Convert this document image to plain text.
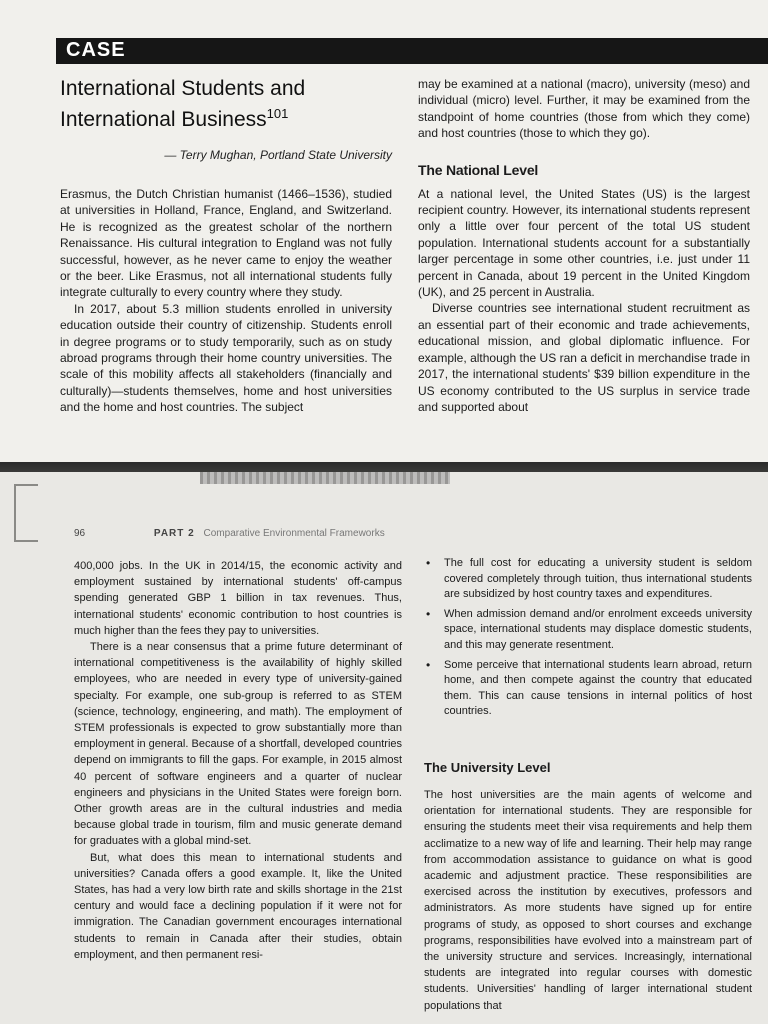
CASE
International Students and International Business$^{101}$

— Terry Mughan, Portland State University

Erasmus, the Dutch Christian humanist (1466–1536), studied at universities in Holland, France, England, and Switzerland. He is recognized as the greatest scholar of the northern Renaissance. His cultural integration to England was not fully successful, however, as he never came to enjoy the weather or the beer. Like Erasmus, not all international students fully integrate culturally to every country where they study.

In 2017, about 5.3 million students enrolled in university education outside their country of citizenship. Students enroll in degree programs or to study temporarily, such as on study abroad programs through their home country universities. The scale of this mobility affects all stakeholders (financially and culturally)—students themselves, home and host universities and the home and host countries. The subject

may be examined at a national (macro), university (meso) and individual (micro) level. Further, it may be examined from the standpoint of home countries (those from which they come) and host countries (those to which they go).

The National Level

At a national level, the United States (US) is the largest recipient country. However, its international students represent only a little over four percent of the total US student population. International students account for a substantially larger percentage in some other countries, i.e. just under 11 percent in Canada, about 19 percent in the United Kingdom (UK), and 25 percent in Australia.

Diverse countries see international student recruitment as an essential part of their economic and trade achievements, educational mission, and global diplomatic influence. For example, although the US ran a deficit in merchandise trade in 2017, the international students' $39 billion expenditure in the US economy contributed to the US surplus in service trade and supported about

96	PART 2 Comparative Environmental Frameworks

400,000 jobs. In the UK in 2014/15, the economic activity and employment sustained by international students' off-campus spending generated GBP 1 billion in tax revenues. Thus, international students' economic contribution to host countries is much higher than the fees they pay to universities.

There is a near consensus that a prime future determinant of international competitiveness is the availability of highly skilled employees, who are needed in every type of university-gained specialty. For example, one sub-group is referred to as STEM (science, technology, engineering, and math). The employment of STEM professionals is expected to grow substantially more than employment in general. Because of a shortfall, developed countries depend on immigrants to fill the gaps. For example, in 2015 almost 40 percent of software engineers and a quarter of nuclear engineers and physicians in the United States were foreign born. Other growth areas are in the cultural industries and media because global trade in tourism, film and music generate demand for graduates with a global mind-set.

But, what does this mean to international students and universities? Canada offers a good example. It, like the United States, has had a very low birth rate and skills shortage in the 21st century and would face a declining population if it were not for immigration. The Canadian government encourages international students to remain in Canada after their studies, obtain employment, and then permanent resi-

• The full cost for educating a university student is seldom covered completely through tuition, thus international students are subsidized by host country taxes and expenditures.
• When admission demand and/or enrolment exceeds university space, international students may displace domestic students, and this may generate resentment.
• Some perceive that international students learn abroad, return home, and then compete against the country that educated them. This can cause tensions in internal politics of host countries.
The University Level

The host universities are the main agents of welcome and orientation for international students. They are responsible for ensuring the students meet their visa requirements and help them acclimatize to a new way of life and learning. Their help may range from accommodation assistance to guidance on what is good academic and adjustment practice. These responsibilities are exercised across the institution by executives, professors and administrators. As more students have signed up for entire programs of study, as opposed to short courses and exchange programs, responsibilities have evolved into a mainstream part of the university structure and services. Increasingly, international students are integrated into regular courses with domestic students. Universities' handling of larger international student populations that
